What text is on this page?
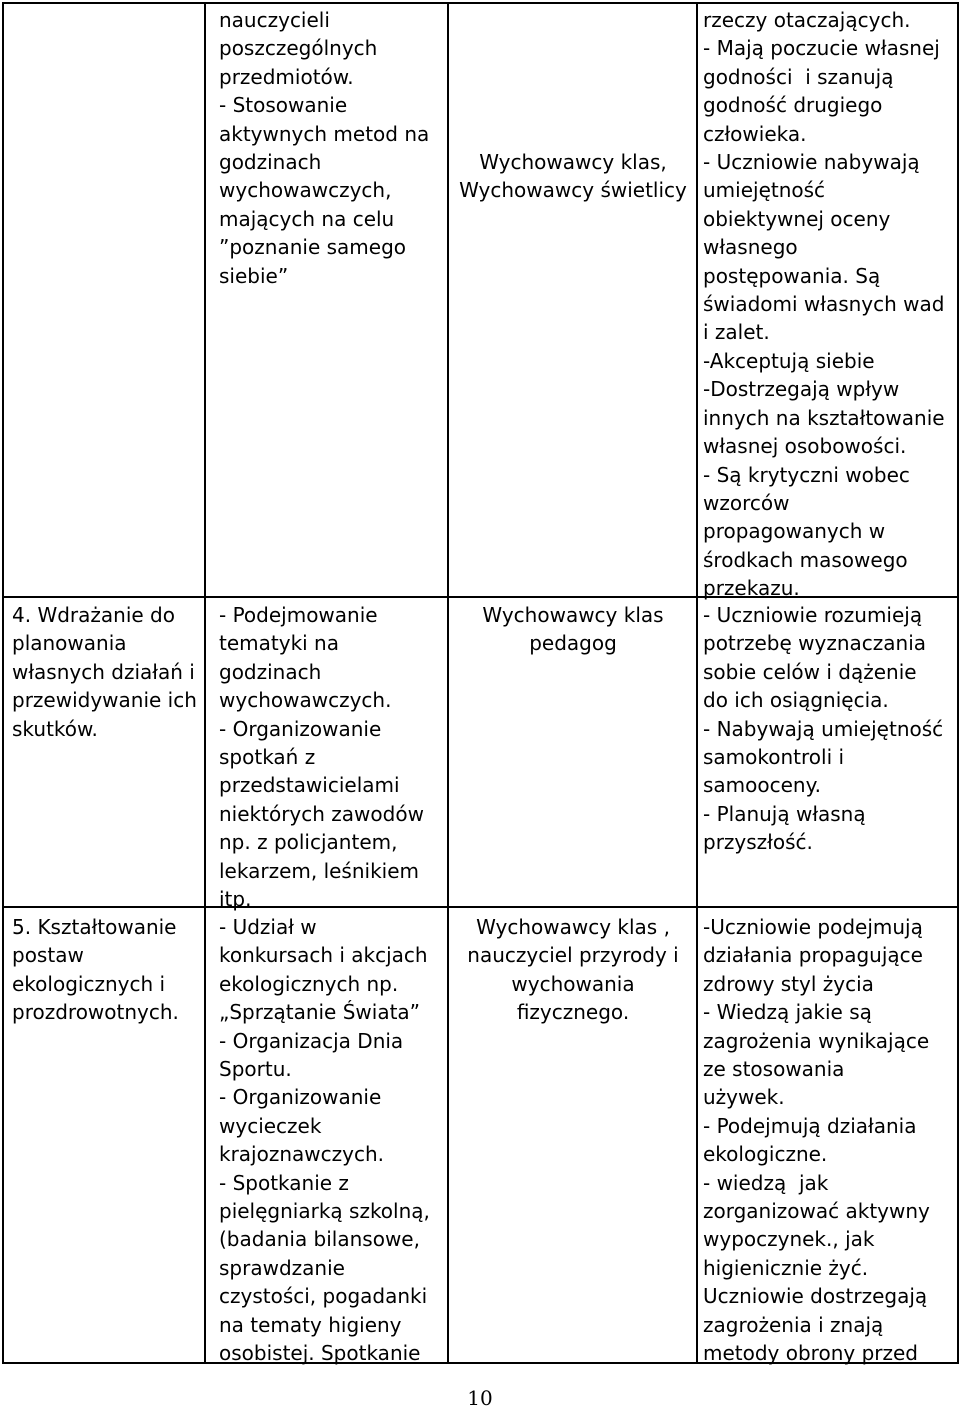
nauczycieli
poszczególnych
przedmiotów.
- Stosowanie
aktywnych metod na
godzinach
wychowawczych,
mających na celu
”poznanie samego
siebie”
Wychowawcy klas,
Wychowawcy świetlicy
rzeczy otaczających.
- Mają poczucie własnej
godności  i szanują
godność drugiego
człowieka.
- Uczniowie nabywają
umiejętność
obiektywnej oceny
własnego
postępowania. Są
świadomi własnych wad
i zalet.
-Akceptują siebie
-Dostrzegają wpływ
innych na kształtowanie
własnej osobowości.
- Są krytyczni wobec
wzorców
propagowanych w
środkach masowego
przekazu.
4. Wdrażanie do
planowania
własnych działań i
przewidywanie ich
skutków.
- Podejmowanie
tematyki na
godzinach
wychowawczych.
- Organizowanie
spotkań z
przedstawicielami
niektórych zawodów
np. z policjantem,
lekarzem, leśnikiem
itp.
Wychowawcy klas
pedagog
- Uczniowie rozumieją
potrzebę wyznaczania
sobie celów i dążenie
do ich osiągnięcia.
- Nabywają umiejętność
samokontroli i
samooceny.
- Planują własną
przyszłość.
5. Kształtowanie
postaw
ekologicznych i
prozdrowotnych.
- Udział w
konkursach i akcjach
ekologicznych np.
„Sprzątanie Świata”
- Organizacja Dnia
Sportu.
- Organizowanie
wycieczek
krajoznawczych.
- Spotkanie z
pielęgniarką szkolną,
(badania bilansowe,
sprawdzanie
czystości, pogadanki
na tematy higieny
osobistej. Spotkanie
Wychowawcy klas ,
nauczyciel przyrody i
wychowania
fizycznego.
-Uczniowie podejmują
działania propagujące
zdrowy styl życia
- Wiedzą jakie są
zagrożenia wynikające
ze stosowania
używek.
- Podejmują działania
ekologiczne.
- wiedzą  jak
zorganizować aktywny
wypoczynek., jak
higienicznie żyć.
Uczniowie dostrzegają
zagrożenia i znają
metody obrony przed
10
